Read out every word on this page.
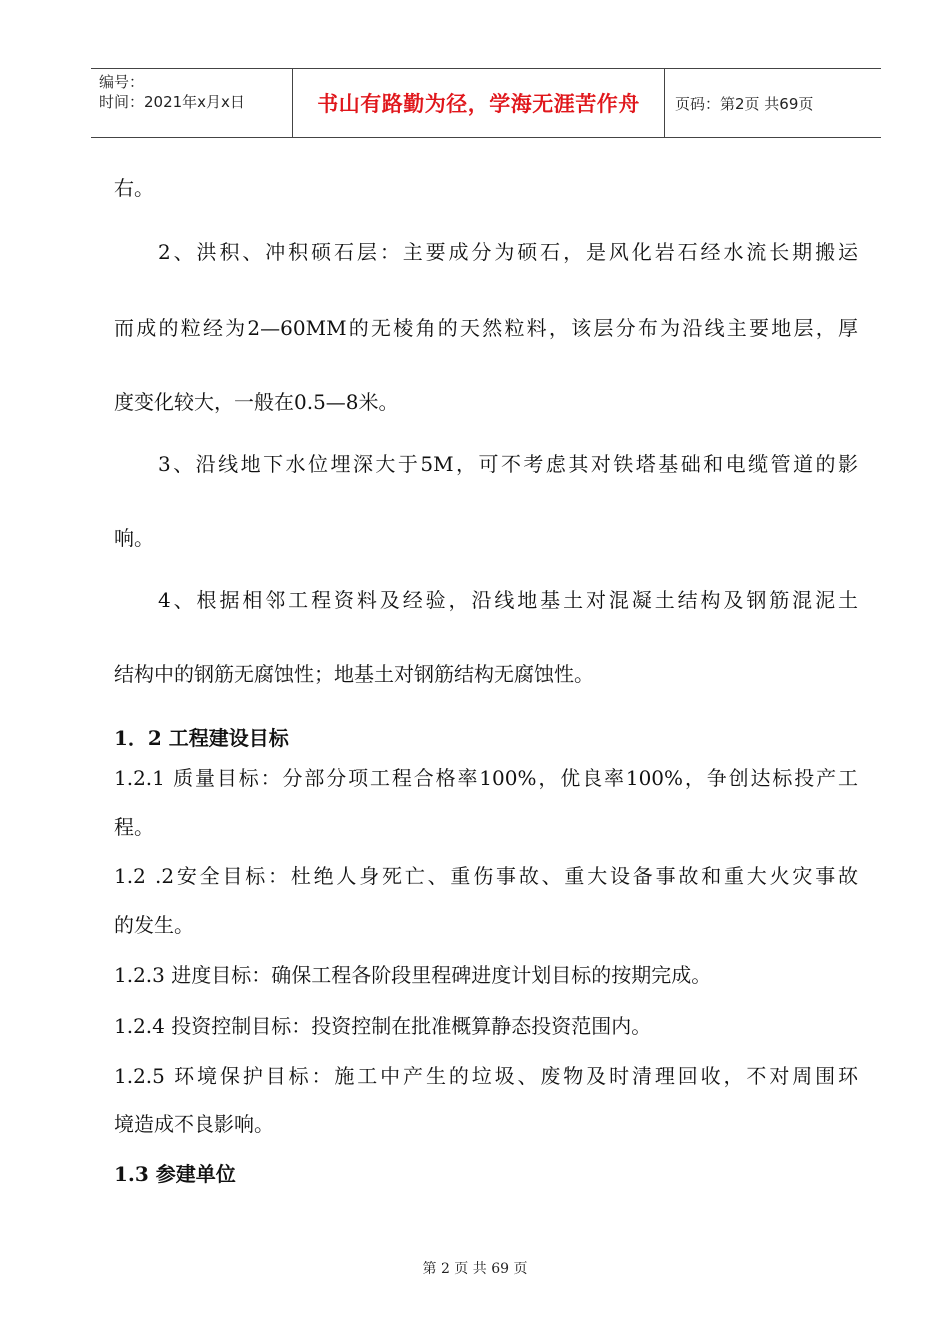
编号：
时间：2021年x月x日	书山有路勤为径，学海无涯苦作舟	页码：第2页 共69页
右。
2、洪积、冲积硕石层：主要成分为硕石，是风化岩石经水流长期搬运
而成的粒经为2—60MM的无棱角的天然粒料，该层分布为沿线主要地层，厚
度变化较大，一般在0.5—8米。
3、沿线地下水位埋深大于5M，可不考虑其对铁塔基础和电缆管道的影
响。
4、根据相邻工程资料及经验，沿线地基土对混凝土结构及钢筋混泥土
结构中的钢筋无腐蚀性；地基土对钢筋结构无腐蚀性。
1．2 工程建设目标
1.2.1 质量目标：分部分项工程合格率100%，优良率100%，争创达标投产工
程。
1.2 .2安全目标：杜绝人身死亡、重伤事故、重大设备事故和重大火灾事故
的发生。
1.2.3 进度目标：确保工程各阶段里程碑进度计划目标的按期完成。
1.2.4 投资控制目标：投资控制在批准概算静态投资范围内。
1.2.5 环境保护目标：施工中产生的垃圾、废物及时清理回收，不对周围环
境造成不良影响。
1.3 参建单位
第 2 页 共 69 页
